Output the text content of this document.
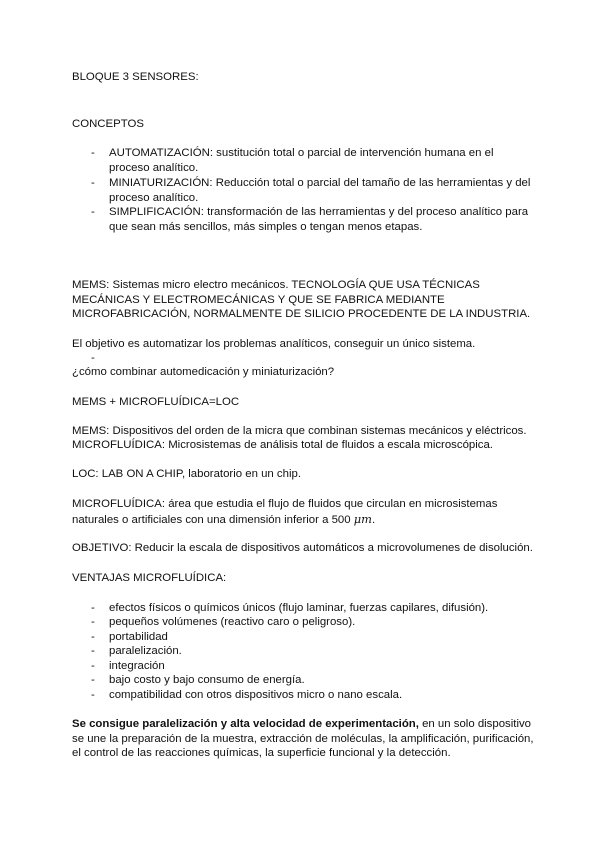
BLOQUE 3 SENSORES:

CONCEPTOS

- AUTOMATIZACIÓN: sustitución total o parcial de intervención humana en el proceso analítico.
- MINIATURIZACIÓN: Reducción total o parcial del tamaño de las herramientas y del proceso analítico.
- SIMPLIFICACIÓN: transformación de las herramientas y del proceso analítico para que sean más sencillos, más simples o tengan menos etapas.

MEMS: Sistemas micro electro mecánicos. TECNOLOGÍA QUE USA TÉCNICAS

MECÁNICAS Y ELECTROMECÁNICAS Y QUE SE FABRICA MEDIANTE

MICROFABRICACIÓN, NORMALMENTE DE SILICIO PROCEDENTE DE LA INDUSTRIA.

El objetivo es automatizar los problemas analíticos, conseguir un único sistema.

-

¿cómo combinar automedicación y miniaturización?

MEMS + MICROFLUÍDICA=LOC

MEMS: Dispositivos del orden de la micra que combinan sistemas mecánicos y eléctricos.

MICROFLUÍDICA: Microsistemas de análisis total de fluidos a escala microscópica.

LOC: LAB ON A CHIP, laboratorio en un chip.

MICROFLUÍDICA: área que estudia el flujo de fluidos que circulan en microsistemas

naturales o artificiales con una dimensión inferior a 500 μm.

OBJETIVO: Reducir la escala de dispositivos automáticos a microvolumenes de disolución.

VENTAJAS MICROFLUÍDICA:

- efectos físicos o químicos únicos (flujo laminar, fuerzas capilares, difusión).
- pequeños volúmenes (reactivo caro o peligroso).
- portabilidad
- paralelización.
- integración
- bajo costo y bajo consumo de energía.
- compatibilidad con otros dispositivos micro o nano escala.

Se consigue paralelización y alta velocidad de experimentación, en un solo dispositivo

se une la preparación de la muestra, extracción de moléculas, la amplificación, purificación,

el control de las reacciones químicas, la superficie funcional y la detección.
